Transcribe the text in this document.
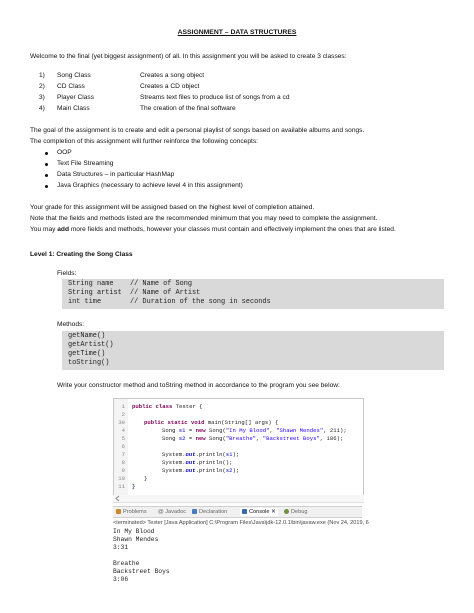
ASSIGNMENT – DATA STRUCTURES
Welcome to the final (yet biggest assignment) of all. In this assignment you will be asked to create 3 classes:
1) Song Class	Creates a song object
2) CD Class	Creates a CD object
3) Player Class	Streams text files to produce list of songs from a cd
4) Main Class	The creation of the final software
The goal of the assignment is to create and edit a personal playlist of songs based on available albums and songs.
The completion of this assignment will further reinforce the following concepts:
OOP
Text File Streaming
Data Structures – in particular HashMap
Java Graphics (necessary to achieve level 4 in this assignment)
Your grade for this assignment will be assigned based on the highest level of completion attained.
Note that the fields and methods listed are the recommended minimum that you may need to complete the assignment.
You may add more fields and methods, however your classes must contain and effectively implement the ones that are listed.
Level 1: Creating the Song Class
Fields:
String name    // Name of Song
String artist  // Name of Artist
int time       // Duration of the song in seconds
Methods:
getName()
getArtist()
getTime()
toString()
Write your constructor method and toString method in accordance to the program you see below:
1
2
3⊖
4
5
6
7
8
9
10
11
public class Tester {
public static void main(String[] args) {
Song s1 = new Song("In My Blood", "Shawn Mendes", 211);
Song s2 = new Song("Breathe", "Backstreet Boys", 186);
System.out.println(s1);
System.out.println();
System.out.println(s2);
}
}
Problems @ Javadoc	Declaration	Console ✕	Debug
<terminated> Tester [Java Application] C:\Program Files\Java\jdk-12.0.1\bin\javaw.exe (Nov 24, 2019, 6
In My Blood
Shawn Mendes
3:31
Breathe
Backstreet Boys
3:06
